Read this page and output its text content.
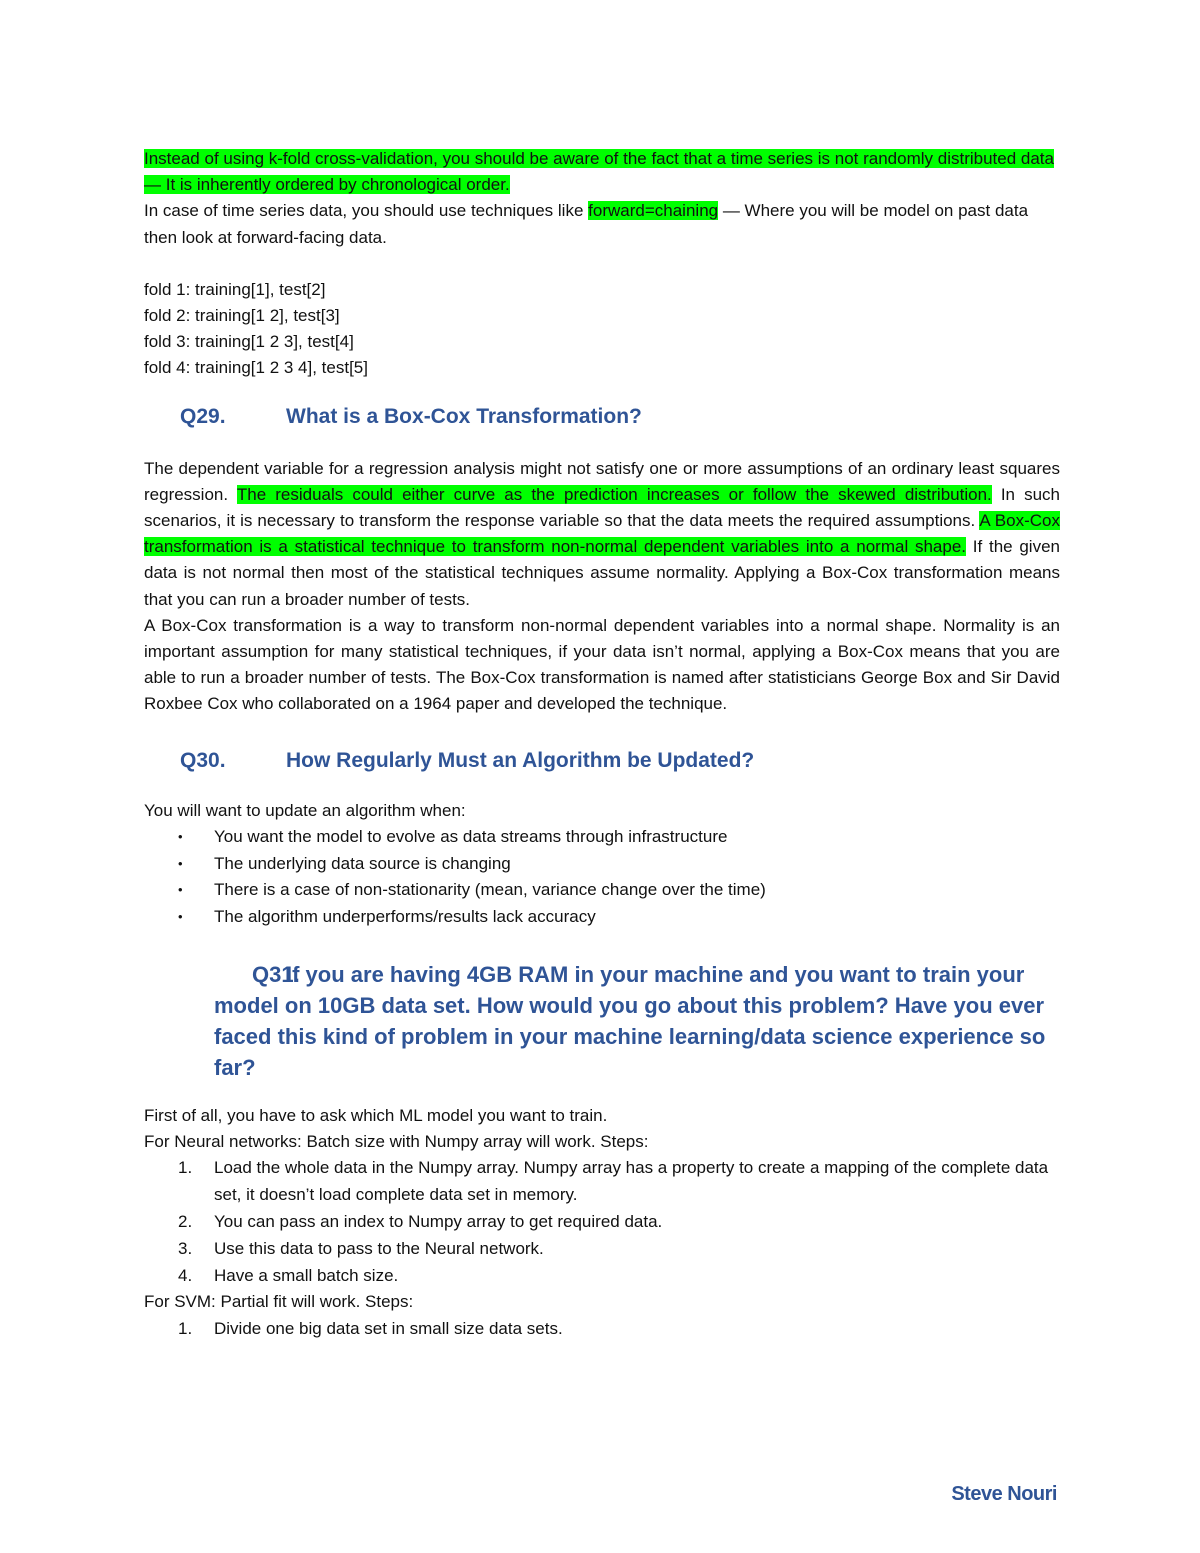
Instead of using k-fold cross-validation, you should be aware of the fact that a time series is not randomly distributed data — It is inherently ordered by chronological order.

In case of time series data, you should use techniques like forward=chaining — Where you will be model on past data then look at forward-facing data.

fold 1: training[1], test[2]

fold 2: training[1 2], test[3]

fold 3: training[1 2 3], test[4]

fold 4: training[1 2 3 4], test[5]

Q29.	What is a Box-Cox Transformation?

The dependent variable for a regression analysis might not satisfy one or more assumptions of an ordinary least squares regression. The residuals could either curve as the prediction increases or follow the skewed distribution. In such scenarios, it is necessary to transform the response variable so that the data meets the required assumptions. A Box-Cox transformation is a statistical technique to transform non-normal dependent variables into a normal shape. If the given data is not normal then most of the statistical techniques assume normality. Applying a Box-Cox transformation means that you can run a broader number of tests.

A Box-Cox transformation is a way to transform non-normal dependent variables into a normal shape. Normality is an important assumption for many statistical techniques, if your data isn’t normal, applying a Box-Cox means that you are able to run a broader number of tests. The Box-Cox transformation is named after statisticians George Box and Sir David Roxbee Cox who collaborated on a 1964 paper and developed the technique.

Q30.	How Regularly Must an Algorithm be Updated?

You will want to update an algorithm when:

• You want the model to evolve as data streams through infrastructure
• The underlying data source is changing
• There is a case of non-stationarity (mean, variance change over the time)
• The algorithm underperforms/results lack accuracy
Q31.
If you are having 4GB RAM in your machine and you want to train your model on 10GB data set. How would you go about this problem? Have you ever faced this kind of problem in your machine learning/data science experience so far?

First of all, you have to ask which ML model you want to train.

For Neural networks: Batch size with Numpy array will work. Steps:

1. Load the whole data in the Numpy array. Numpy array has a property to create a mapping of the complete data set, it doesn’t load complete data set in memory.
2. You can pass an index to Numpy array to get required data.
3. Use this data to pass to the Neural network.
4. Have a small batch size.

For SVM: Partial fit will work. Steps:

1. Divide one big data set in small size data sets.
Steve Nouri
